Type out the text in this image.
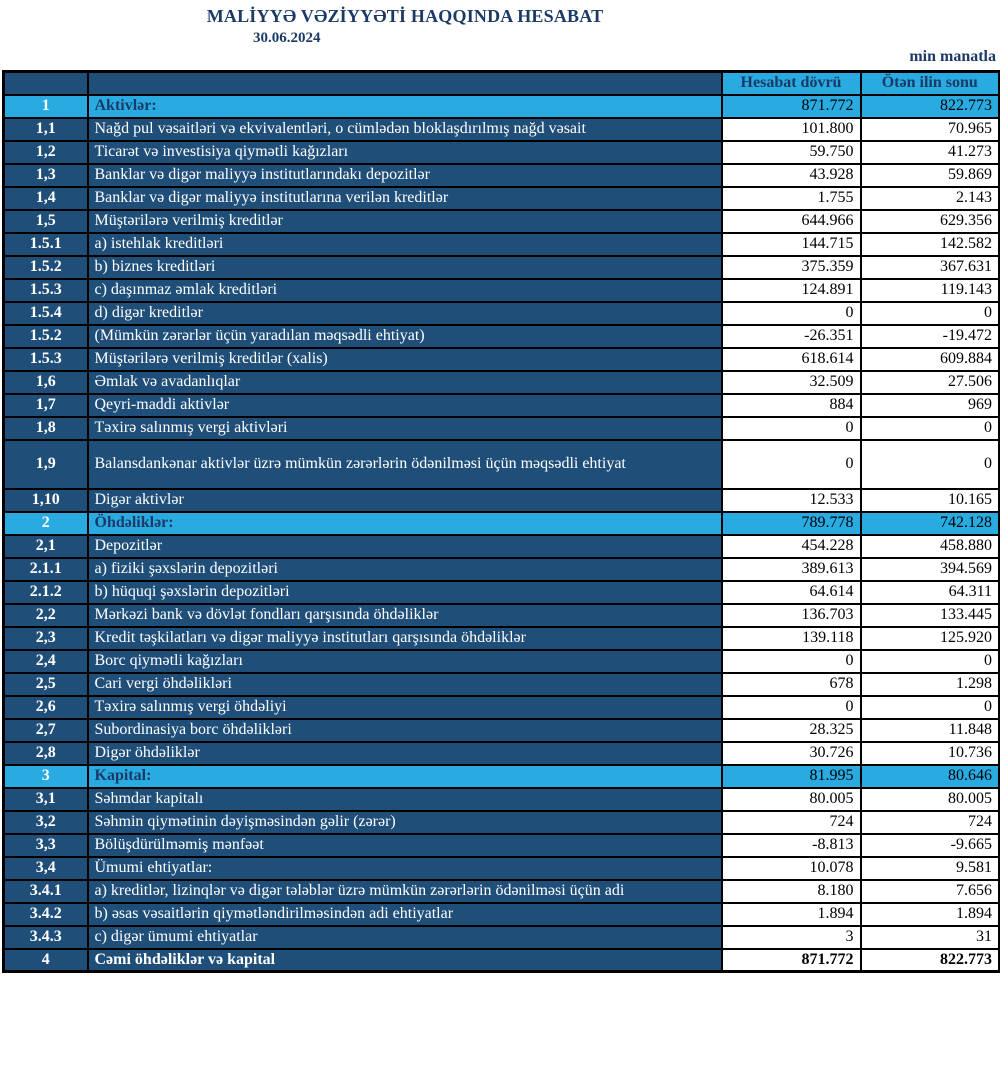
MALİYYƏ VƏZİYYƏTİ HAQQINDA HESABAT
30.06.2024
min manatla
		Hesabat dövrü	Ötən ilin sonu
1	Aktivlər:	871.772	822.773
1,1	Nağd pul vəsaitləri və ekvivalentləri, o cümlədən bloklaşdırılmış nağd vəsait	101.800	70.965
1,2	Ticarət və investisiya qiymətli kağızları	59.750	41.273
1,3	Banklar və digər maliyyə institutlarındakı depozitlər	43.928	59.869
1,4	Banklar və digər maliyyə institutlarına verilən kreditlər	1.755	2.143
1,5	Müştərilərə verilmiş kreditlər	644.966	629.356
1.5.1	a) istehlak kreditləri	144.715	142.582
1.5.2	b) biznes kreditləri	375.359	367.631
1.5.3	c) daşınmaz əmlak kreditləri	124.891	119.143
1.5.4	d) digər kreditlər	0	0
1.5.2	(Mümkün zərərlər üçün yaradılan məqsədli ehtiyat)	-26.351	-19.472
1.5.3	Müştərilərə verilmiş kreditlər (xalis)	618.614	609.884
1,6	Əmlak və avadanlıqlar	32.509	27.506
1,7	Qeyri-maddi aktivlər	884	969
1,8	Təxirə salınmış vergi aktivləri	0	0
1,9	Balansdankənar aktivlər üzrə mümkün zərərlərin ödənilməsi üçün məqsədli ehtiyat	0	0
1,10	Digər aktivlər	12.533	10.165
2	Öhdəliklər:	789.778	742.128
2,1	Depozitlər	454.228	458.880
2.1.1	a) fiziki şəxslərin depozitləri	389.613	394.569
2.1.2	b) hüquqi şəxslərin depozitləri	64.614	64.311
2,2	Mərkəzi bank və dövlət fondları qarşısında öhdəliklər	136.703	133.445
2,3	Kredit təşkilatları və digər maliyyə institutları qarşısında öhdəliklər	139.118	125.920
2,4	Borc qiymətli kağızları	0	0
2,5	Cari vergi öhdəlikləri	678	1.298
2,6	Təxirə salınmış vergi öhdəliyi	0	0
2,7	Subordinasiya borc öhdəlikləri	28.325	11.848
2,8	Digər öhdəliklər	30.726	10.736
3	Kapital:	81.995	80.646
3,1	Səhmdar kapitalı	80.005	80.005
3,2	Səhmin qiymətinin dəyişməsindən gəlir (zərər)	724	724
3,3	Bölüşdürülməmiş mənfəət	-8.813	-9.665
3,4	Ümumi ehtiyatlar:	10.078	9.581
3.4.1	a) kreditlər, lizinqlər və digər tələblər üzrə mümkün zərərlərin ödənilməsi üçün adi	8.180	7.656
3.4.2	b) əsas vəsaitlərin qiymətləndirilməsindən adi ehtiyatlar	1.894	1.894
3.4.3	c) digər ümumi ehtiyatlar	3	31
4	Cəmi öhdəliklər və kapital	871.772	822.773
